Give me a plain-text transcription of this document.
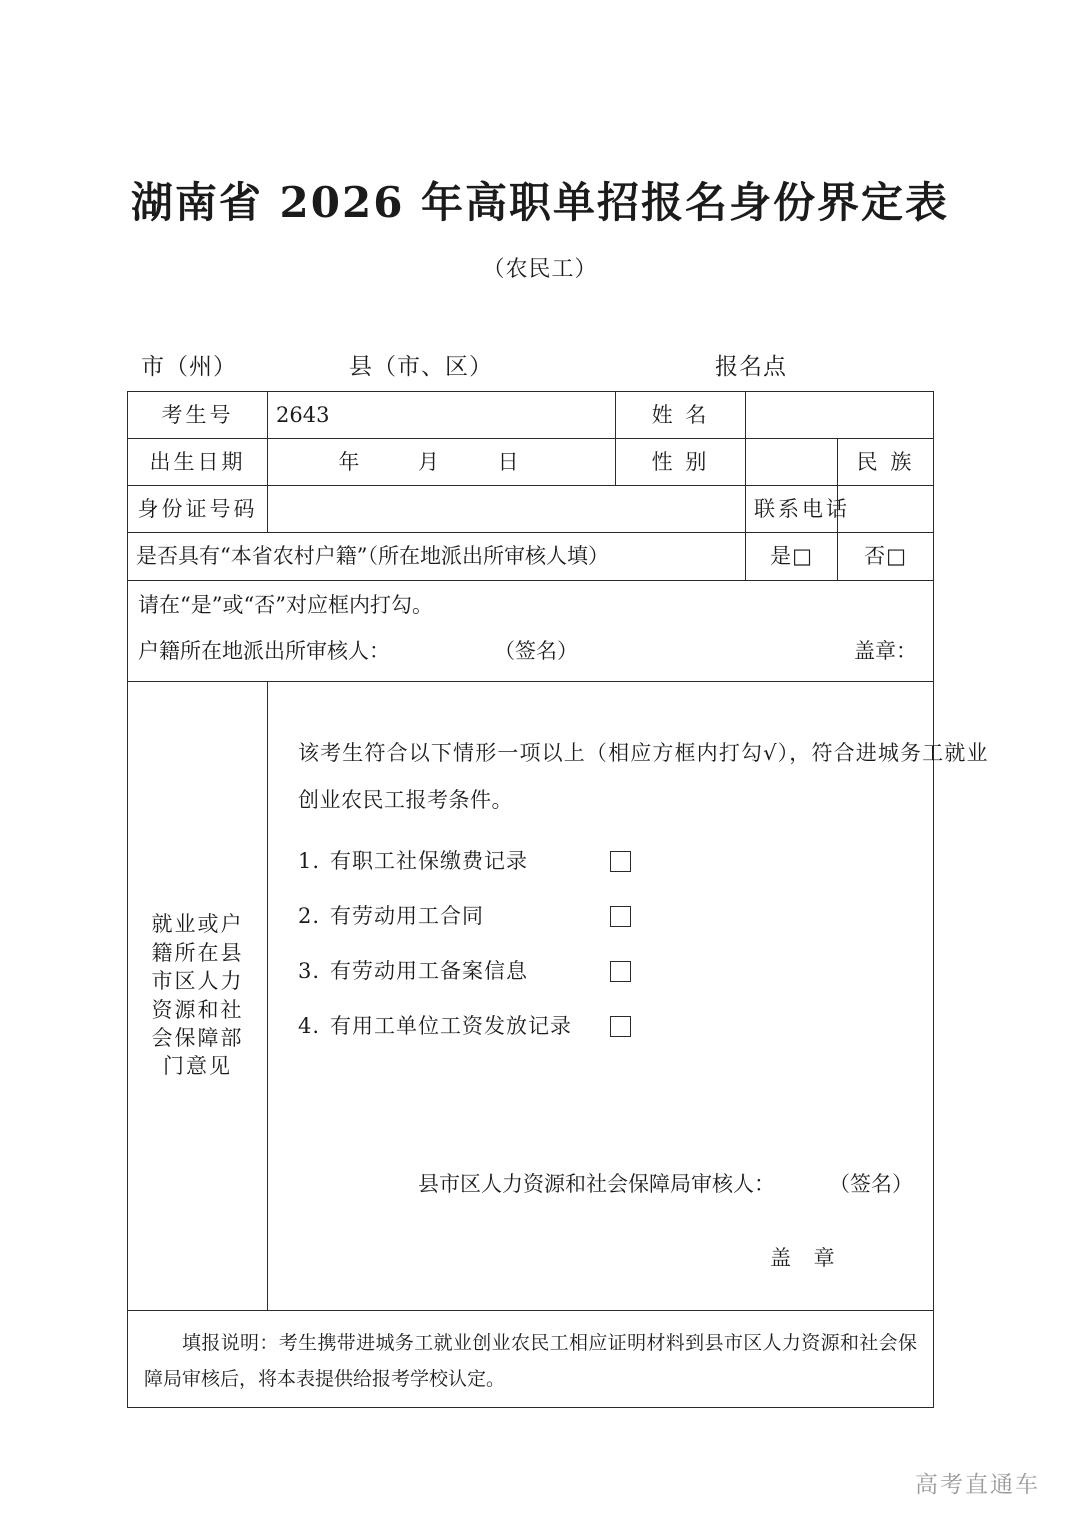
湖南省 2026 年高职单招报名身份界定表
（农民工）
市（州）	县（市、区）	报名点
考生号	2643	姓 名		
出生日期	年 月 日	性 别		民 族
身份证号码			联系电话	
是否具有“本省农村户籍”（所在地派出所审核人填）			是□	否□
请在“是”或“否”对应框内打勾。				

户籍所在地派出所审核人： （签名） 盖章：				

就业或户
籍所在县
市区人力
资源和社
会保障部
门意见

该考生符合以下情形一项以上（相应方框内打勾√），符合进城务工就业创业农民工报考条件。
1. 有职工社保缴费记录
2. 有劳动用工合同
3. 有劳动用工备案信息
4. 有用工单位工资发放记录
县市区人力资源和社会保障局审核人：	（签名）
盖 章

填报说明：考生携带进城务工就业创业农民工相应证明材料到县市区人力资源和社会保障局审核后，将本表提供给报考学校认定。				
高考直通车
